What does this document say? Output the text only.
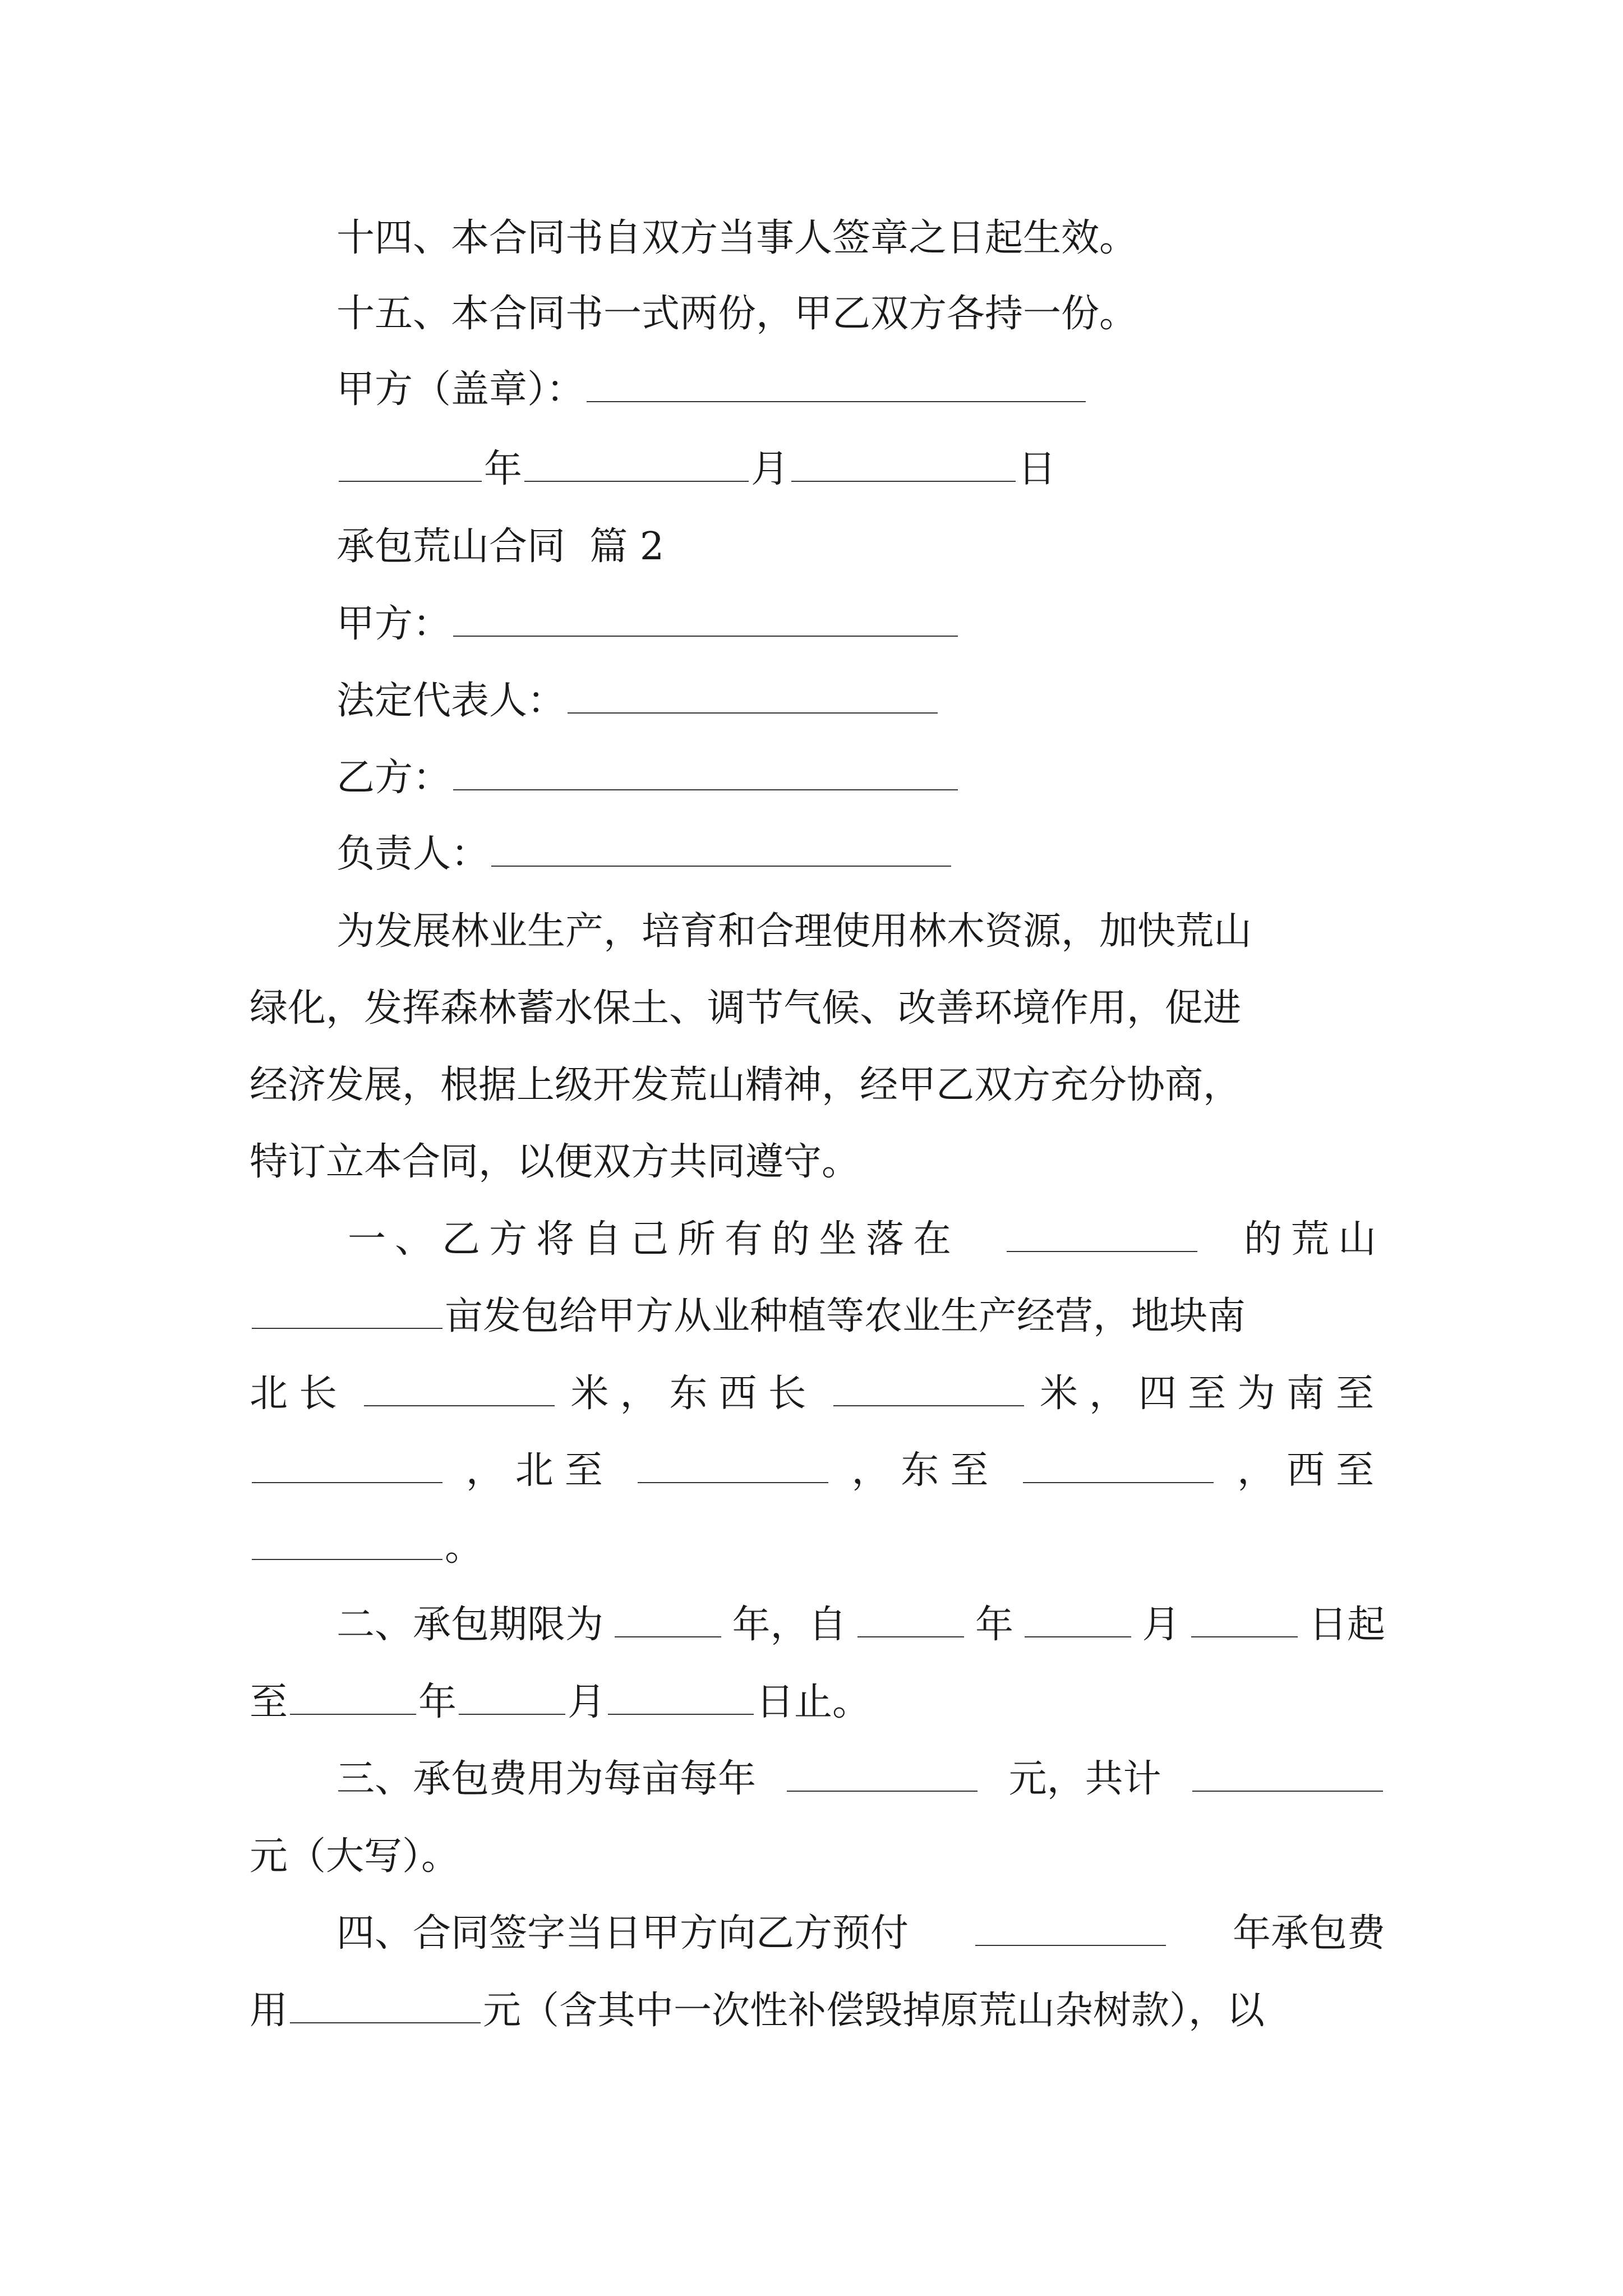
十四、本合同书自双方当事人签章之日起生效。
十五、本合同书一式两份，甲乙双方各持一份。
甲方（盖章）：
年	月	日
承包荒山合同  篇 2
甲方：
法定代表人：
乙方：
负责人：
为发展林业生产，培育和合理使用林木资源，加快荒山
绿化，发挥森林蓄水保土、调节气候、改善环境作用，促进
经济发展，根据上级开发荒山精神，经甲乙双方充分协商，
特订立本合同，以便双方共同遵守。
一、乙方将自己所有的坐落在	的荒山
亩发包给甲方从业种植等农业生产经营，地块南
北长	米，东西长	米，四至为南至
，北至	，东至	，西至
。
二、承包期限为	年，自	年	月	日起
至	年	月	日止。
三、承包费用为每亩每年	元，共计
元（大写）。
四、合同签字当日甲方向乙方预付	年承包费
用	元（含其中一次性补偿毁掉原荒山杂树款），以
